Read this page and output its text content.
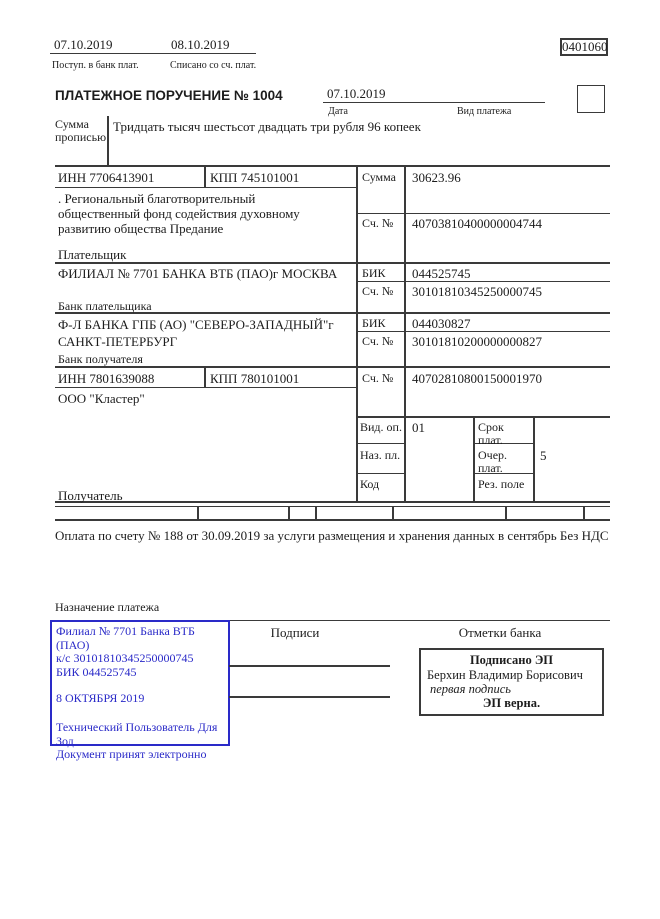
07.10.2019
Поступ. в банк плат.
08.10.2019
Списано со сч. плат.
0401060
ПЛАТЕЖНОЕ ПОРУЧЕНИЕ № 1004	07.10.2019
Дата	Вид платежа
Сумма прописью
Тридцать тысяч шестьсот двадцать три рубля 96 копеек
ИНН 7706413901	КПП 745101001	Сумма 30623.96
. Региональный благотворительный
общественный фонд содействия духовному
развитию общества Предание	Сч. № 40703810400000004744
Плательщик
ФИЛИАЛ № 7701 БАНКА ВТБ (ПАО)г МОСКВА БИК 044525745
Сч. № 30101810345250000745
Банк плательщика
Ф-Л БАНКА ГПБ (АО) "СЕВЕРО-ЗАПАДНЫЙ"г
САНКТ-ПЕТЕРБУРГ
БИК 044030827
Сч. № 30101810200000000827
Банк получателя
ИНН 7801639088	КПП 780101001	Сч. № 40702810800150001970
ООО "Кластер"
Получатель
Вид. оп. 01	Срок плат.
Наз. пл.	Очер. плат.
5
Код	Рез. поле
Оплата по счету № 188 от 30.09.2019 за услуги размещения и хранения данных в сентябрь Без НДС
Назначение платежа
Подписи	Отметки банка
Филиал № 7701 Банка ВТБ (ПАО)
к/с 30101810345250000745
БИК 044525745
8 ОКТЯБРЯ 2019
Технический Пользователь Для
Зод
Документ принят электронно
Подписано ЭП
Берхин Владимир Борисович
первая подпись
ЭП верна.
